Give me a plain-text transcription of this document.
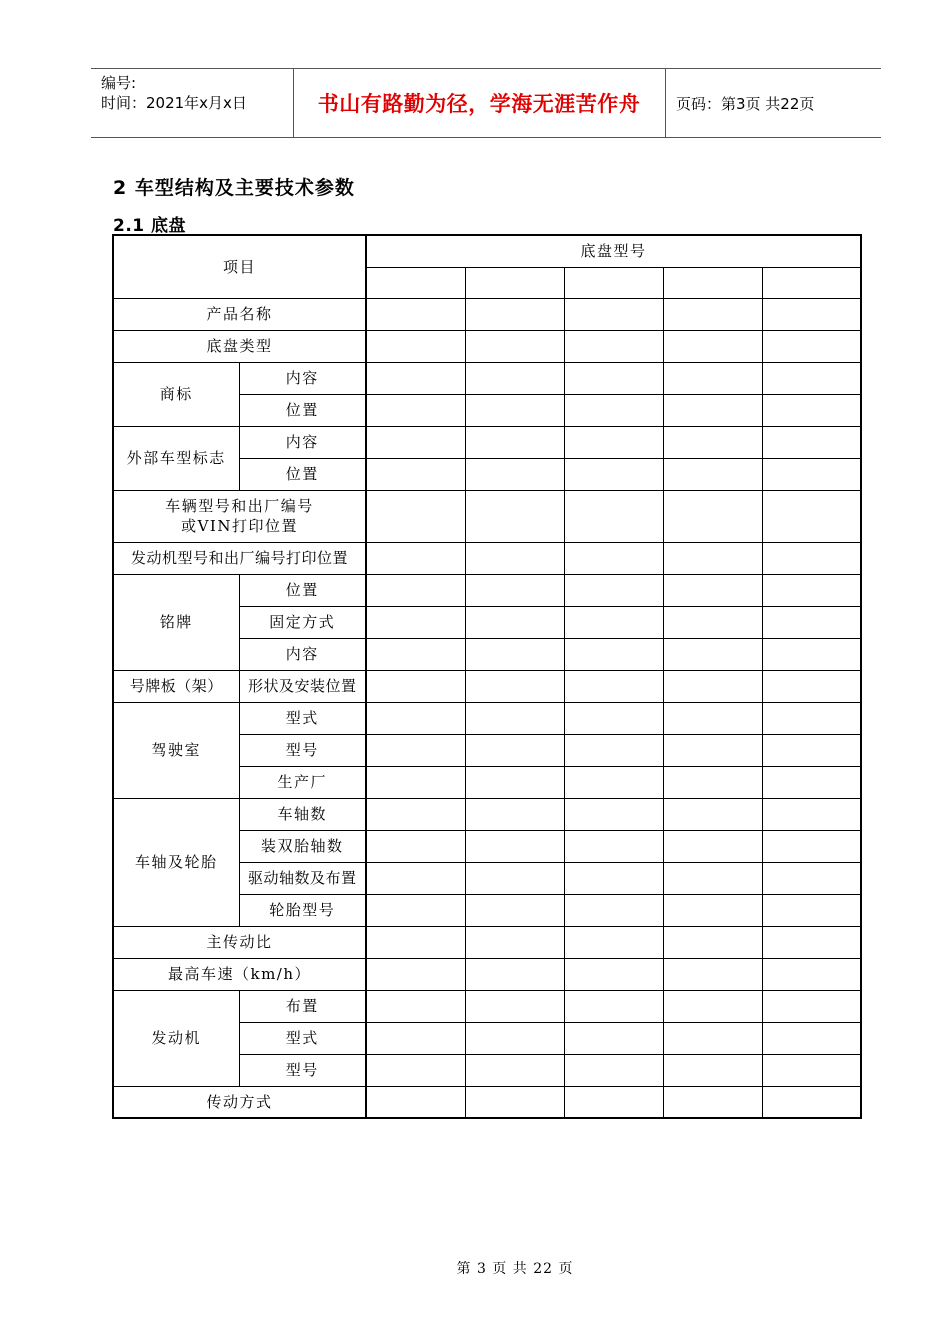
编号:
时间：2021年x月x日	书山有路勤为径，学海无涯苦作舟	页码：第3页 共22页
2 车型结构及主要技术参数
2.1 底盘
项目		底盘型号				

产品名称						
底盘类型						
商标	内容					
	位置					
外部车型标志	内容					
	位置					

车辆型号和出厂编号
或VIN打印位置						

发动机型号和出厂编号打印位置						
铭牌	位置					
	固定方式					
	内容					
号牌板（架）	形状及安装位置					
驾驶室	型式					
	型号					
	生产厂					
车轴及轮胎	车轴数					
	装双胎轴数					
	驱动轴数及布置					
	轮胎型号					
主传动比						
最高车速（km/h）						
发动机	布置					
	型式					
	型号					
传动方式						
第 3 页 共 22 页
